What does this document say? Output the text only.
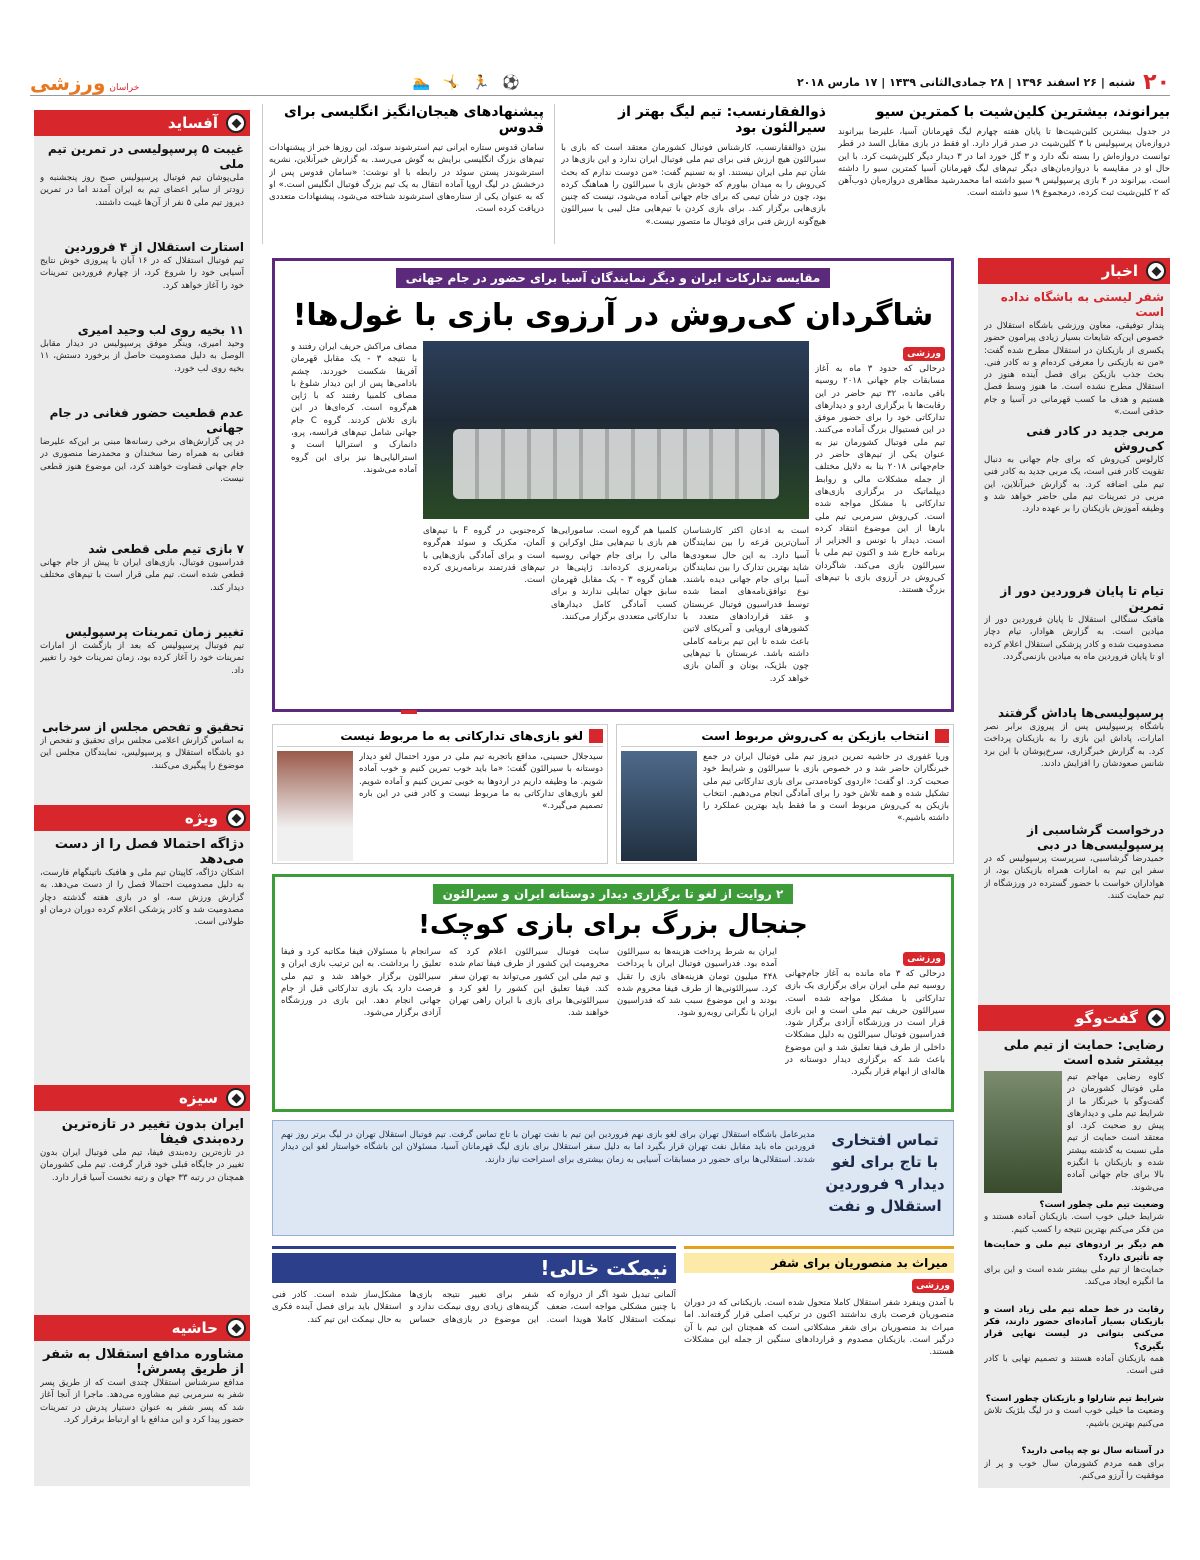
۲۰
شنبه | ۲۶ اسفند ۱۳۹۶ | ۲۸ جمادی‌الثانی ۱۴۳۹ | ۱۷ مارس ۲۰۱۸
⚽ 🏃 🤸 🏊
خراسان
ورزشی
بیرانوند، بیشترین کلین‌شیت با کمترین سیو
در جدول بیشترین کلین‌شیت‌ها تا پایان هفته چهارم لیگ قهرمانان آسیا، علیرضا بیرانوند دروازه‌بان پرسپولیس با ۳ کلین‌شیت در صدر قرار دارد. او فقط در بازی مقابل السد در قطر توانست دروازه‌اش را بسته نگه دارد و ۳ گل خورد اما در ۳ دیدار دیگر کلین‌شیت کرد. با این حال او در مقایسه با دروازه‌بان‌های دیگر تیم‌های لیگ قهرمانان آسیا کمترین سیو را داشته است. بیرانوند در ۴ بازی پرسپولیس ۹ سیو داشته اما محمدرشید مظاهری دروازه‌بان ذوب‌آهن که ۲ کلین‌شیت ثبت کرده، درمجموع ۱۹ سیو داشته است.
ذوالفقارنسب: تیم لیگ بهتر از سیرالئون بود
بیژن ذوالفقارنسب، کارشناس فوتبال کشورمان معتقد است که بازی با سیرالئون هیچ ارزش فنی برای تیم ملی فوتبال ایران ندارد و این بازی‌ها در شأن تیم ملی ایران نیستند. او به تسنیم گفت: «من دوست ندارم که بحث کی‌روش را به میدان بیاورم که خودش بازی با سیرالئون را هماهنگ کرده بود، چون در شأن تیمی که برای جام جهانی آماده می‌شود، نیست که چنین بازی‌هایی برگزار کند. برای بازی کردن با تیم‌هایی مثل لیبی یا سیرالئون هیچ‌گونه ارزش فنی برای فوتبال ما متصور نیست.»
پیشنهادهای هیجان‌انگیز انگلیسی برای قدوس
سامان قدوس ستاره ایرانی تیم استرشوند سوئد، این روزها خبر از پیشنهادات تیم‌های بزرگ انگلیسی برایش به گوش می‌رسد. به گزارش خبرآنلاین، نشریه استرشوندز پستن سوئد در رابطه با او نوشت: «سامان قدوس پس از درخشش در لیگ اروپا آماده انتقال به یک تیم بزرگ فوتبال انگلیس است.» او که به عنوان یکی از ستاره‌های استرشوند شناخته می‌شود، پیشنهادات متعددی دریافت کرده است.
اخبار
شفر لیستی به باشگاه نداده است
پندار توفیقی، معاون ورزشی باشگاه استقلال در خصوص این‌که شایعات بسیار زیادی پیرامون حضور یکسری از بازیکنان در استقلال مطرح شده گفت: «من نه بازیکنی را معرفی کرده‌ام و نه کادر فنی. بحث جذب بازیکن برای فصل آینده هنوز در استقلال مطرح نشده است. ما هنوز وسط فصل هستیم و هدف ما کسب قهرمانی در آسیا و جام حذفی است.»
مربی جدید در کادر فنی کی‌روش
کارلوس کی‌روش که برای جام جهانی به دنبال تقویت کادر فنی است، یک مربی جدید به کادر فنی تیم ملی اضافه کرد. به گزارش خبرآنلاین، این مربی در تمرینات تیم ملی حاضر خواهد شد و وظیفه آموزش بازیکنان را بر عهده دارد.
تیام تا پایان فروردین دور از تمرین
هافبک سنگالی استقلال تا پایان فروردین دور از میادین است. به گزارش هوادار، تیام دچار مصدومیت شده و کادر پزشکی استقلال اعلام کرده او تا پایان فروردین ماه به میادین بازنمی‌گردد.
پرسپولیسی‌ها پاداش گرفتند
باشگاه پرسپولیس پس از پیروزی برابر نصر امارات، پاداش این بازی را به بازیکنان پرداخت کرد. به گزارش خبرگزاری، سرخ‌پوشان با این برد شانس صعودشان را افزایش دادند.
درخواست گرشاسبی از پرسپولیسی‌ها در دبی
حمیدرضا گرشاسبی، سرپرست پرسپولیس که در سفر این تیم به امارات همراه بازیکنان بود، از هواداران خواست با حضور گسترده در ورزشگاه از تیم حمایت کنند.
گفت‌وگو
رضایی: حمایت از تیم ملی بیشتر شده است
کاوه رضایی مهاجم تیم ملی فوتبال کشورمان در گفت‌وگو با خبرنگار ما از شرایط تیم ملی و دیدارهای پیش رو صحبت کرد. او معتقد است حمایت از تیم ملی نسبت به گذشته بیشتر شده و بازیکنان با انگیزه بالا برای جام جهانی آماده می‌شوند.
وضعیت تیم ملی چطور است؟
شرایط خیلی خوب است. بازیکنان آماده هستند و من فکر می‌کنم بهترین نتیجه را کسب کنیم.
هم دیگر بر اردوهای تیم ملی و حمایت‌ها چه تأثیری دارد؟
حمایت‌ها از تیم ملی بیشتر شده است و این برای ما انگیزه ایجاد می‌کند.
رقابت در خط حمله تیم ملی زیاد است و بازیکنان بسیار آماده‌ای حضور دارند، فکر می‌کنی بتوانی در لیست نهایی قرار بگیری؟
همه بازیکنان آماده هستند و تصمیم نهایی با کادر فنی است.
شرایط تیم شارلوا و بازیکنان چطور است؟
وضعیت ما خیلی خوب است و در لیگ بلژیک تلاش می‌کنیم بهترین باشیم.
در آستانه سال نو چه پیامی دارید؟
برای همه مردم کشورمان سال خوب و پر از موفقیت را آرزو می‌کنم.
آفساید
غیبت ۵ پرسپولیسی در تمرین تیم ملی
ملی‌پوشان تیم فوتبال پرسپولیس صبح روز پنجشنبه و زودتر از سایر اعضای تیم به ایران آمدند اما در تمرین دیروز تیم ملی ۵ نفر از آن‌ها غیبت داشتند.
استارت استقلال از ۴ فروردین
تیم فوتبال استقلال که در ۱۶ آبان با پیروزی خوش نتایج آسیایی خود را شروع کرد، از چهارم فروردین تمرینات خود را آغاز خواهد کرد.
۱۱ بخیه روی لب وحید امیری
وحید امیری، وینگر موفق پرسپولیس در دیدار مقابل الوصل به دلیل مصدومیت حاصل از برخورد دستش، ۱۱ بخیه روی لب خورد.
عدم قطعیت حضور فغانی در جام جهانی
در پی گزارش‌های برخی رسانه‌ها مبنی بر این‌که علیرضا فغانی به همراه رضا سخندان و محمدرضا منصوری در جام جهانی قضاوت خواهند کرد، این موضوع هنوز قطعی نیست.
۷ بازی تیم ملی قطعی شد
فدراسیون فوتبال، بازی‌های ایران تا پیش از جام جهانی قطعی شده است. تیم ملی قرار است با تیم‌های مختلف دیدار کند.
تغییر زمان تمرینات پرسپولیس
تیم فوتبال پرسپولیس که بعد از بازگشت از امارات تمرینات خود را آغاز کرده بود، زمان تمرینات خود را تغییر داد.
تحقیق و تفحص مجلس از سرخابی
به اساس گزارش اعلامی مجلس برای تحقیق و تفحص از دو باشگاه استقلال و پرسپولیس، نمایندگان مجلس این موضوع را پیگیری می‌کنند.
ویژه
دژاگه احتمالا فصل را از دست می‌دهد
اشکان دژاگه، کاپیتان تیم ملی و هافبک ناتینگهام فارست، به دلیل مصدومیت احتمالا فصل را از دست می‌دهد. به گزارش ورزش سه، او در بازی هفته گذشته دچار مصدومیت شد و کادر پزشکی اعلام کرده دوران درمان او طولانی است.
سیزه
ایران بدون تغییر در تازه‌ترین رده‌بندی فیفا
در تازه‌ترین رده‌بندی فیفا، تیم ملی فوتبال ایران بدون تغییر در جایگاه قبلی خود قرار گرفت. تیم ملی کشورمان همچنان در رتبه ۳۳ جهان و رتبه نخست آسیا قرار دارد.
حاشیه
مشاوره مدافع استقلال به شفر از طریق پسرش!
مدافع سرشناس استقلال چندی است که از طریق پسر شفر به سرمربی تیم مشاوره می‌دهد. ماجرا از آنجا آغاز شد که پسر شفر به عنوان دستیار پدرش در تمرینات حضور پیدا کرد و این مدافع با او ارتباط برقرار کرد.
مقایسه تدارکات ایران و دیگر نمایندگان آسیا برای حضور در جام جهانی
شاگردان کی‌روش در آرزوی بازی با غول‌ها!
ورزشی
درحالی که حدود ۳ ماه به آغاز مسابقات جام جهانی ۲۰۱۸ روسیه باقی مانده، ۳۲ تیم حاضر در این رقابت‌ها با برگزاری اردو و دیدارهای تدارکاتی خود را برای حضور موفق در این فستیوال بزرگ آماده می‌کنند. تیم ملی فوتبال کشورمان نیز به عنوان یکی از تیم‌های حاضر در جام‌جهانی ۲۰۱۸ بنا به دلایل مختلف از جمله مشکلات مالی و روابط دیپلماتیک در برگزاری بازی‌های تدارکاتی با مشکل مواجه شده است. کی‌روش سرمربی تیم ملی بارها از این موضوع انتقاد کرده است. دیدار با تونس و الجزایر از برنامه خارج شد و اکنون تیم ملی با سیرالئون بازی می‌کند. شاگردان کی‌روش در آرزوی بازی با تیم‌های بزرگ هستند.
است به اذعان اکثر کارشناسان آسان‌ترین قرعه را بین نمایندگان آسیا دارد. به این حال سعودی‌ها شاید بهترین تدارک را بین نمایندگان آسیا برای جام جهانی دیده باشند. نوع توافق‌نامه‌های امضا شده توسط فدراسیون فوتبال عربستان و عقد قراردادهای متعدد با کشورهای اروپایی و آمریکای لاتین باعث شده تا این تیم برنامه کاملی داشته باشد. عربستان با تیم‌هایی چون بلژیک، یونان و آلمان بازی خواهد کرد.
کلمبیا هم گروه است. سامورایی‌ها هم بازی با تیم‌هایی مثل اوکراین و مالی را برای جام جهانی روسیه برنامه‌ریزی کرده‌اند. ژاپنی‌ها در همان گروه ۳ - یک مقابل قهرمان سابق جهان تمایلی ندارند و برای کسب آمادگی کامل دیدارهای تدارکاتی متعددی برگزار می‌کنند.
کره‌جنوبی در گروه F با تیم‌های آلمان، مکزیک و سوئد هم‌گروه است و برای آمادگی بازی‌هایی با تیم‌های قدرتمند برنامه‌ریزی کرده است.
مصاف مراکش حریف ایران رفتند و با نتیجه ۳ - یک مقابل قهرمان آفریقا شکست خوردند. چشم بادامی‌ها پس از این دیدار شلوغ با مصاف کلمبیا رفتند که با ژاپن هم‌گروه است. کره‌ای‌ها در این بازی تلاش کردند. گروه C جام جهانی شامل تیم‌های فرانسه، پرو، دانمارک و استرالیا است و استرالیایی‌ها نیز برای این گروه آماده می‌شوند.
انتخاب بازیکن به کی‌روش مربوط است
وریا غفوری در حاشیه تمرین دیروز تیم ملی فوتبال ایران در جمع خبرنگاران حاضر شد و در خصوص بازی با سیرالئون و شرایط خود صحبت کرد. او گفت: «اردوی کوتاه‌مدتی برای بازی تدارکاتی تیم ملی تشکیل شده و همه تلاش خود را برای آمادگی انجام می‌دهیم. انتخاب بازیکن به کی‌روش مربوط است و ما فقط باید بهترین عملکرد را داشته باشیم.»
لغو بازی‌های تدارکاتی به ما مربوط نیست
سیدجلال حسینی، مدافع باتجربه تیم ملی در مورد احتمال لغو دیدار دوستانه با سیرالئون گفت: «ما باید خوب تمرین کنیم و خوب آماده شویم. ما وظیفه داریم در اردوها به خوبی تمرین کنیم و آماده شویم. لغو بازی‌های تدارکاتی به ما مربوط نیست و کادر فنی در این باره تصمیم می‌گیرد.»
۲ روایت از لغو تا برگزاری دیدار دوستانه ایران و سیرالئون
جنجال بزرگ برای بازی کوچک!
ورزشی
درحالی که ۳ ماه مانده به آغاز جام‌جهانی روسیه تیم ملی ایران برای برگزاری یک بازی تدارکاتی با مشکل مواجه شده است. سیرالئون حریف تیم ملی است و این بازی قرار است در ورزشگاه آزادی برگزار شود. فدراسیون فوتبال سیرالئون به دلیل مشکلات داخلی از طرف فیفا تعلیق شد و این موضوع باعث شد که برگزاری دیدار دوستانه در هاله‌ای از ابهام قرار بگیرد.
ایران به شرط پرداخت هزینه‌ها به سیرالئون آمده بود. فدراسیون فوتبال ایران با پرداخت ۴۴۸ میلیون تومان هزینه‌های بازی را تقبل کرد. سیرالئونی‌ها از طرف فیفا محروم شده بودند و این موضوع سبب شد که فدراسیون ایران با نگرانی روبه‌رو شود.
سایت فوتبال سیرالئون اعلام کرد که محرومیت این کشور از طرف فیفا تمام شده و تیم ملی این کشور می‌تواند به تهران سفر کند. فیفا تعلیق این کشور را لغو کرد و سیرالئونی‌ها برای بازی با ایران راهی تهران خواهند شد.
سرانجام با مسئولان فیفا مکاتبه کرد و فیفا تعلیق را برداشت. به این ترتیب بازی ایران و سیرالئون برگزار خواهد شد و تیم ملی فرصت دارد یک بازی تدارکاتی قبل از جام جهانی انجام دهد. این بازی در ورزشگاه آزادی برگزار می‌شود.
تماس افتخاری با تاج برای لغو دیدار ۹ فروردین استقلال و نفت
مدیرعامل باشگاه استقلال تهران برای لغو بازی نهم فروردین این تیم با نفت تهران با تاج تماس گرفت. تیم فوتبال استقلال تهران در لیگ برتر روز نهم فروردین ماه باید مقابل نفت تهران قرار بگیرد اما به دلیل سفر استقلال برای بازی لیگ قهرمانان آسیا، مسئولان این باشگاه خواستار لغو این دیدار شدند. استقلالی‌ها برای حضور در مسابقات آسیایی به زمان بیشتری برای استراحت نیاز دارند.
میراث بد منصوریان برای شفر
ورزشی
با آمدن وینفرد شفر استقلال کاملا متحول شده است. بازیکنانی که در دوران منصوریان فرصت بازی نداشتند اکنون در ترکیب اصلی قرار گرفته‌اند. اما میراث بد منصوریان برای شفر مشکلاتی است که همچنان این تیم با آن درگیر است. بازیکنان مصدوم و قراردادهای سنگین از جمله این مشکلات هستند.
نیمکت خالی!
آلمانی تبدیل شود اگر از دروازه که با چنین مشکلی مواجه است، ضعف نیمکت استقلال کاملا هویدا است. شفر برای تغییر نتیجه بازی‌ها گزینه‌های زیادی روی نیمکت ندارد و این موضوع در بازی‌های حساس مشکل‌ساز شده است. کادر فنی استقلال باید برای فصل آینده فکری به حال نیمکت این تیم کند.
